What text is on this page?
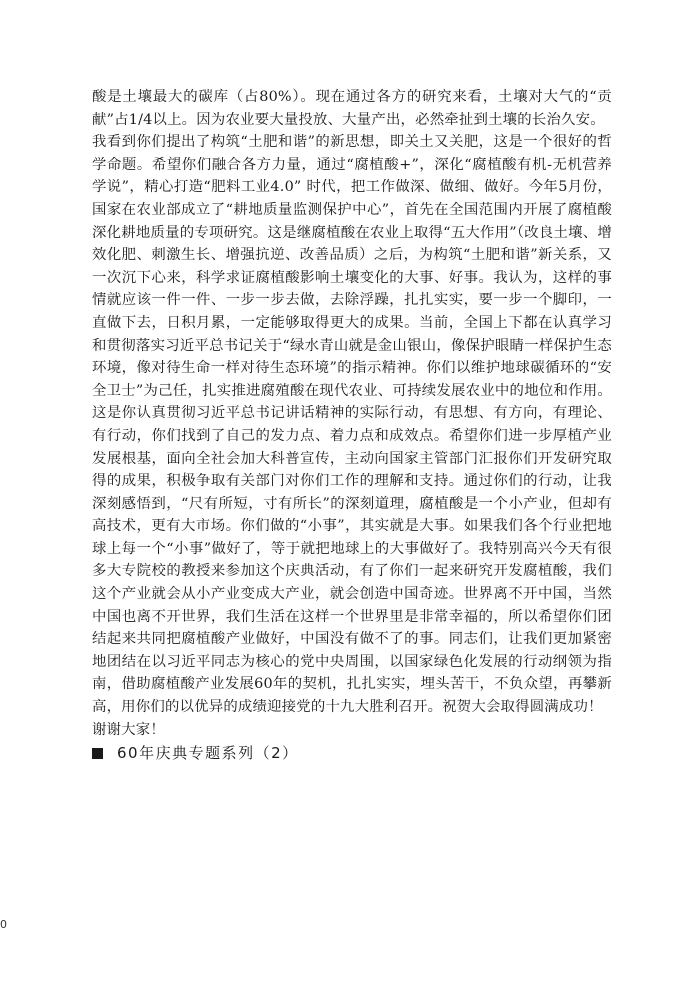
酸是土壤最大的碳库（占80%）。现在通过各方的研究来看，土壤对大气的“贡献”占1/4以上。因为农业要大量投放、大量产出，必然牵扯到土壤的长治久安。

我看到你们提出了构筑“土肥和谐”的新思想，即关土又关肥，这是一个很好的哲学命题。希望你们融合各方力量，通过“腐植酸+”，深化“腐植酸有机-无机营养学说”，精心打造“肥料工业4.0” 时代，把工作做深、做细、做好。今年5月份，国家在农业部成立了“耕地质量监测保护中心”，首先在全国范围内开展了腐植酸深化耕地质量的专项研究。这是继腐植酸在农业上取得“五大作用”（改良土壤、增效化肥、刺激生长、增强抗逆、改善品质）之后，为构筑“土肥和谐”新关系，又一次沉下心来，科学求证腐植酸影响土壤变化的大事、好事。我认为，这样的事情就应该一件一件、一步一步去做，去除浮躁，扎扎实实，要一步一个脚印，一直做下去，日积月累，一定能够取得更大的成果。当前，全国上下都在认真学习和贯彻落实习近平总书记关于“绿水青山就是金山银山，像保护眼睛一样保护生态环境，像对待生命一样对待生态环境”的指示精神。你们以维护地球碳循环的“安全卫士”为己任，扎实推进腐殖酸在现代农业、可持续发展农业中的地位和作用。这是你认真贯彻习近平总书记讲话精神的实际行动，有思想、有方向，有理论、有行动，你们找到了自己的发力点、着力点和成效点。希望你们进一步厚植产业发展根基，面向全社会加大科普宣传，主动向国家主管部门汇报你们开发研究取得的成果，积极争取有关部门对你们工作的理解和支持。通过你们的行动，让我深刻感悟到，“尺有所短，寸有所长”的深刻道理，腐植酸是一个小产业，但却有高技术，更有大市场。你们做的“小事”，其实就是大事。如果我们各个行业把地球上每一个“小事”做好了，等于就把地球上的大事做好了。我特别高兴今天有很多大专院校的教授来参加这个庆典活动，有了你们一起来研究开发腐植酸，我们这个产业就会从小产业变成大产业，就会创造中国奇迹。世界离不开中国，当然中国也离不开世界，我们生活在这样一个世界里是非常幸福的，所以希望你们团结起来共同把腐植酸产业做好，中国没有做不了的事。同志们，让我们更加紧密地团结在以习近平同志为核心的党中央周围，以国家绿色化发展的行动纲领为指南，借助腐植酸产业发展60年的契机，扎扎实实，埋头苦干，不负众望，再攀新高，用你们的以优异的成绩迎接党的十九大胜利召开。祝贺大会取得圆满成功！

谢谢大家！

60年庆典专题系列（2）
0
